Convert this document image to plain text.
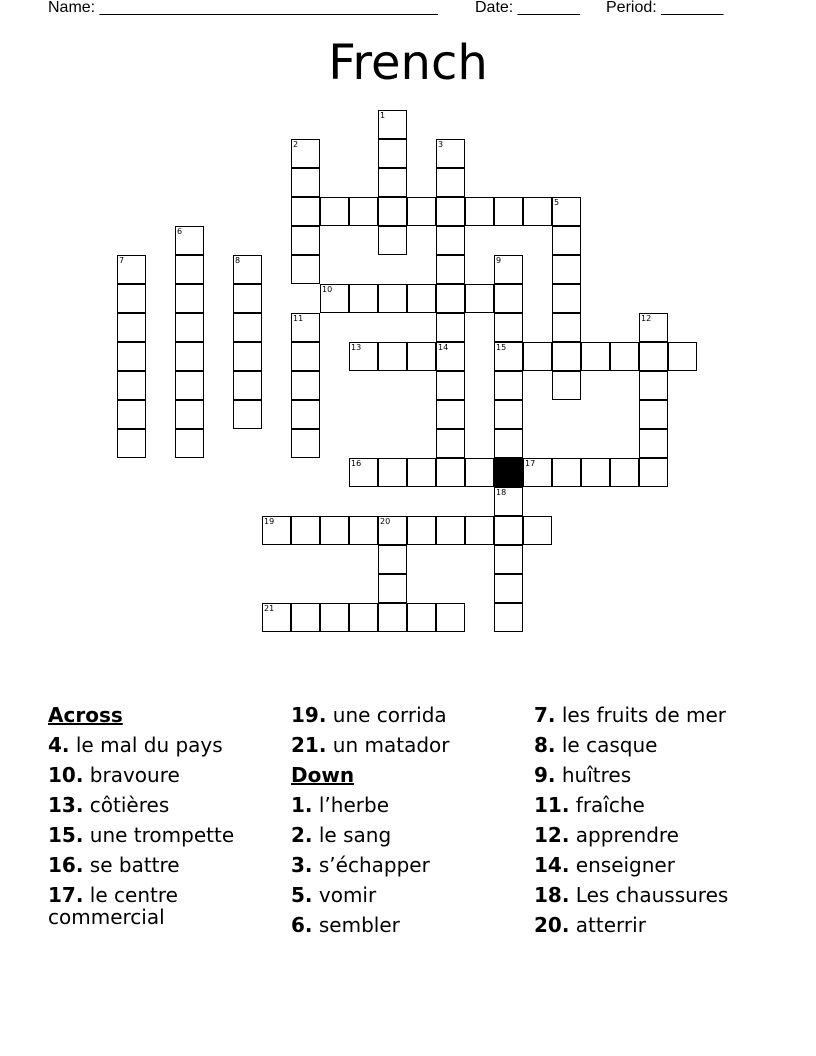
Name: ______________________________________ Date: _______ Period: _______
French
1
2	3
5
6
7	8	9
15
10
11	12
13	14
16	17
18
19	20
21
Across
4. le mal du pays
10. bravoure
13. côtières
15. une trompette
16. se battre
17. le centre commercial
19. une corrida
21. un matador
Down
1. l’herbe
2. le sang
3. s’échapper
5. vomir
6. sembler
7. les fruits de mer
8. le casque
9. huîtres
11. fraîche
12. apprendre
14. enseigner
18. Les chaussures
20. atterrir
